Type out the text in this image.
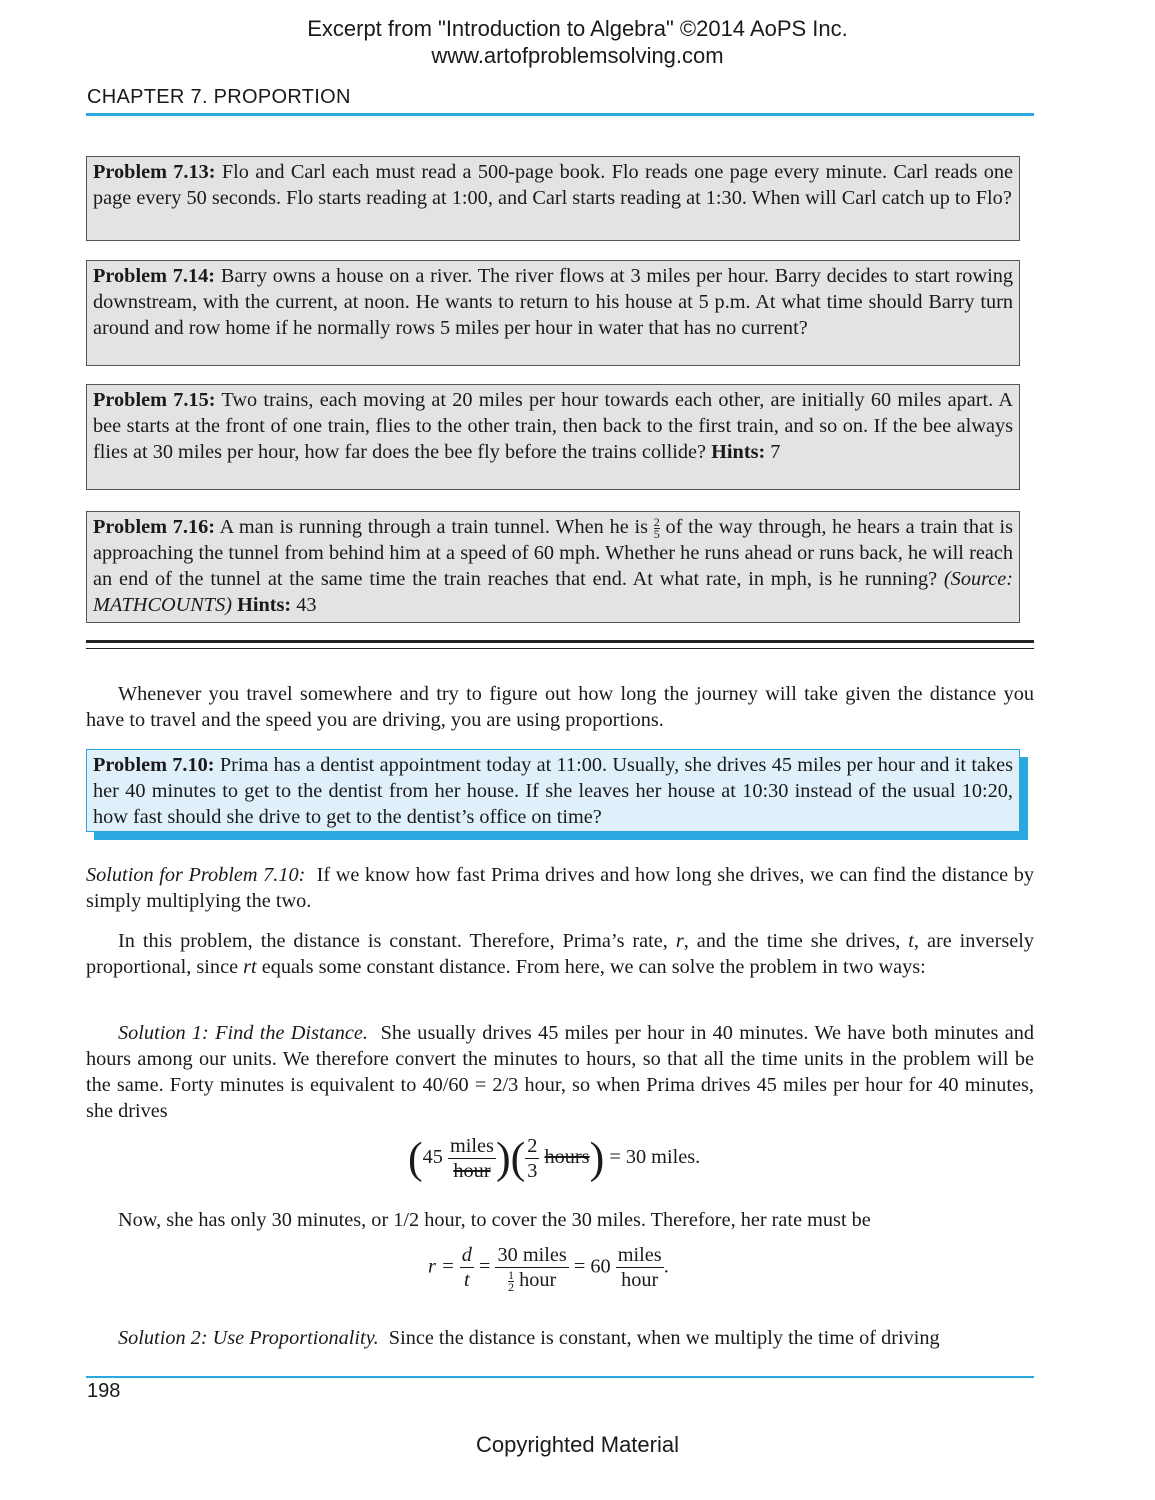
Excerpt from "Introduction to Algebra" ©2014 AoPS Inc.
www.artofproblemsolving.com
CHAPTER 7. PROPORTION
Problem 7.13: Flo and Carl each must read a 500-page book. Flo reads one page every minute. Carl reads one page every 50 seconds. Flo starts reading at 1:00, and Carl starts reading at 1:30. When will Carl catch up to Flo?
Problem 7.14: Barry owns a house on a river. The river flows at 3 miles per hour. Barry decides to start rowing downstream, with the current, at noon. He wants to return to his house at 5 p.m. At what time should Barry turn around and row home if he normally rows 5 miles per hour in water that has no current?
Problem 7.15: Two trains, each moving at 20 miles per hour towards each other, are initially 60 miles apart. A bee starts at the front of one train, flies to the other train, then back to the first train, and so on. If the bee always flies at 30 miles per hour, how far does the bee fly before the trains collide? Hints: 7
Problem 7.16: A man is running through a train tunnel. When he is $\frac{2}{5}$ of the way through, he hears a train that is approaching the tunnel from behind him at a speed of 60 mph. Whether he runs ahead or runs back, he will reach an end of the tunnel at the same time the train reaches that end. At what rate, in mph, is he running? (Source: MATHCOUNTS) Hints: 43
Whenever you travel somewhere and try to figure out how long the journey will take given the distance you have to travel and the speed you are driving, you are using proportions.
Problem 7.10: Prima has a dentist appointment today at 11:00. Usually, she drives 45 miles per hour and it takes her 40 minutes to get to the dentist from her house. If she leaves her house at 10:30 instead of the usual 10:20, how fast should she drive to get to the dentist’s office on time?
Solution for Problem 7.10: If we know how fast Prima drives and how long she drives, we can find the distance by simply multiplying the two.
In this problem, the distance is constant. Therefore, Prima’s rate, r, and the time she drives, t, are inversely proportional, since rt equals some constant distance. From here, we can solve the problem in two ways:
Solution 1: Find the Distance. She usually drives 45 miles per hour in 40 minutes. We have both minutes and hours among our units. We therefore convert the minutes to hours, so that all the time units in the problem will be the same. Forty minutes is equivalent to 40/60 = 2/3 hour, so when Prima drives 45 miles per hour for 40 minutes, she drives
($45 \frac{\text{miles}}{\text{hour}}$ )( $\frac{2}{3}$ hours) = 30 miles.
Now, she has only 30 minutes, or 1/2 hour, to cover the 30 miles. Therefore, her rate must be
$r = \frac{d}{t} = \frac{\text{30 miles}}{\frac{1}{2} hour} = 60 \frac{\text{miles}}{\text{hour}}$ .
Solution 2: Use Proportionality. Since the distance is constant, when we multiply the time of driving
198
Copyrighted Material
